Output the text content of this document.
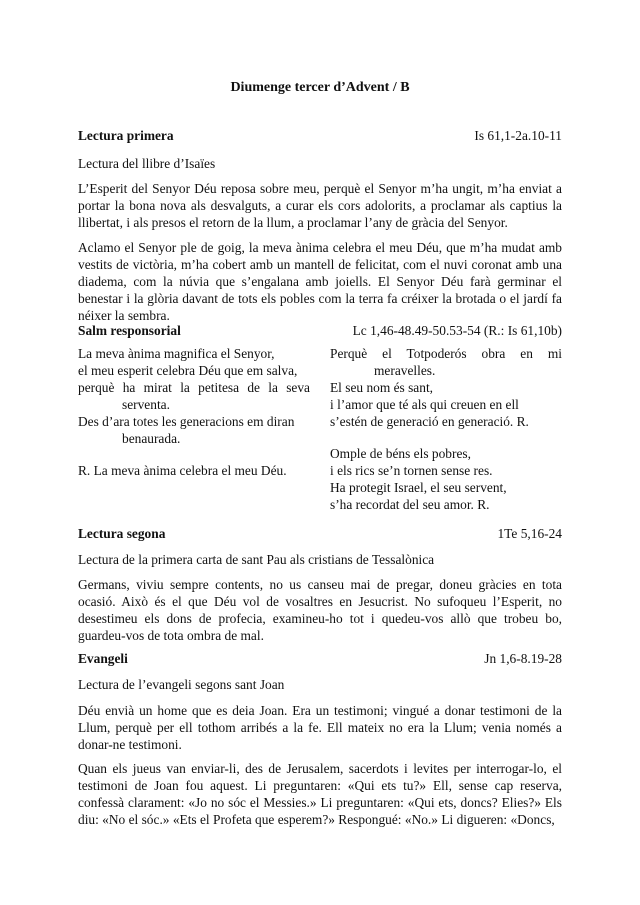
Diumenge tercer d’Advent / B
Lectura primera	Is 61,1-2a.10-11
Lectura del llibre d’Isaïes

L’Esperit del Senyor Déu reposa sobre meu, perquè el Senyor m’ha ungit, m’ha enviat a portar la bona nova als desvalguts, a curar els cors adolorits, a proclamar als captius la llibertat, i als presos el retorn de la llum, a proclamar l’any de gràcia del Senyor.

Aclamo el Senyor ple de goig, la meva ànima celebra el meu Déu, que m’ha mudat amb vestits de victòria, m’ha cobert amb un mantell de felicitat, com el nuvi coronat amb una diadema, com la núvia que s’engalana amb joiells. El Senyor Déu farà germinar el benestar i la glòria davant de tots els pobles com la terra fa créixer la brotada o el jardí fa néixer la sembra.

Salm responsorial	Lc 1,46-48.49-50.53-54 (R.: Is 61,10b)
La meva ànima magnifica el Senyor,
el meu esperit celebra Déu que em salva,
perquè ha mirat la petitesa de la seva
serventa.
Des d’ara totes les generacions em diran
benaurada.
R. La meva ànima celebra el meu Déu.
Perquè el Totpoderós obra en mi
meravelles.
El seu nom és sant,
i l’amor que té als qui creuen en ell
s’estén de generació en generació. R.
Omple de béns els pobres,
i els rics se’n tornen sense res.
Ha protegit Israel, el seu servent,
s’ha recordat del seu amor. R.
Lectura segona	1Te 5,16-24
Lectura de la primera carta de sant Pau als cristians de Tessalònica

Germans, viviu sempre contents, no us canseu mai de pregar, doneu gràcies en tota ocasió. Això és el que Déu vol de vosaltres en Jesucrist. No sufoqueu l’Esperit, no desestimeu els dons de profecia, examineu-ho tot i quedeu-vos allò que trobeu bo, guardeu-vos de tota ombra de mal.

Evangeli	Jn 1,6-8.19-28
Lectura de l’evangeli segons sant Joan

Déu envià un home que es deia Joan. Era un testimoni; vingué a donar testimoni de la Llum, perquè per ell tothom arribés a la fe. Ell mateix no era la Llum; venia només a donar-ne testimoni.

Quan els jueus van enviar-li, des de Jerusalem, sacerdots i levites per interrogar-lo, el testimoni de Joan fou aquest. Li preguntaren: «Qui ets tu?» Ell, sense cap reserva, confessà clarament: «Jo no sóc el Messies.» Li preguntaren: «Qui ets, doncs? Elies?» Els diu: «No el sóc.» «Ets el Profeta que esperem?» Respongué: «No.» Li digueren: «Doncs,
